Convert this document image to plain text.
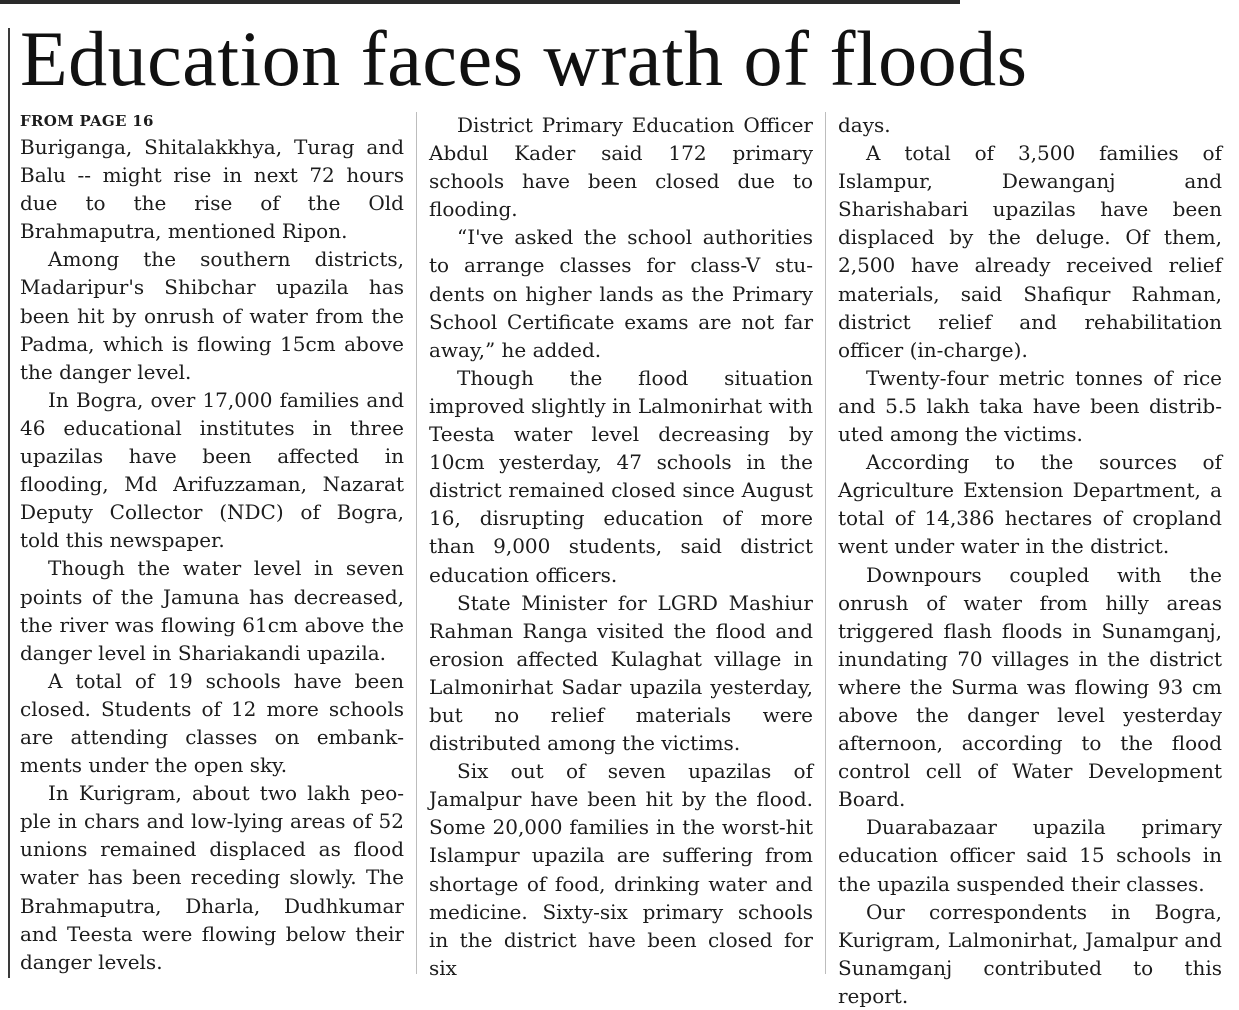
Education faces wrath of floods
FROM PAGE 16

Buriganga, Shitalakkhya, Turag and Balu -- might rise in next 72 hours due to the rise of the Old Brahmaputra, mentioned Ripon.

Among the southern districts, Madaripur's Shibchar upazila has been hit by onrush of water from the Padma, which is flowing 15cm above the danger level.

In Bogra, over 17,000 families and 46 educational institutes in three upazilas have been affected in flooding, Md Arifuzzaman, Nazarat Deputy Collector (NDC) of Bogra, told this newspaper.

Though the water level in seven points of the Jamuna has decreased, the river was flowing 61cm above the danger level in Shariakandi upazila.

A total of 19 schools have been closed. Students of 12 more schools are attending classes on embankments under the open sky.

In Kurigram, about two lakh people in chars and low-lying areas of 52 unions remained displaced as flood water has been receding slowly. The Brahmaputra, Dharla, Dudhkumar and Teesta were flowing below their danger levels.

District Primary Education Officer Abdul Kader said 172 primary schools have been closed due to flooding.

“I've asked the school authorities to arrange classes for class-V students on higher lands as the Primary School Certificate exams are not far away,” he added.

Though the flood situation improved slightly in Lalmonirhat with Teesta water level decreasing by 10cm yesterday, 47 schools in the district remained closed since August 16, disrupting education of more than 9,000 students, said district education officers.

State Minister for LGRD Mashiur Rahman Ranga visited the flood and erosion affected Kulaghat village in Lalmonirhat Sadar upazila yesterday, but no relief materials were distributed among the victims.

Six out of seven upazilas of Jamalpur have been hit by the flood. Some 20,000 families in the worst-hit Islampur upazila are suffering from shortage of food, drinking water and medicine. Sixty-six primary schools in the district have been closed for six

days.

A total of 3,500 families of Islampur, Dewanganj and Sharishabari upazilas have been displaced by the deluge. Of them, 2,500 have already received relief materials, said Shafiqur Rahman, district relief and rehabilitation officer (in-charge).

Twenty-four metric tonnes of rice and 5.5 lakh taka have been distributed among the victims.

According to the sources of Agriculture Extension Department, a total of 14,386 hectares of cropland went under water in the district.

Downpours coupled with the onrush of water from hilly areas triggered flash floods in Sunamganj, inundating 70 villages in the district where the Surma was flowing 93 cm above the danger level yesterday afternoon, according to the flood control cell of Water Development Board.

Duarabazaar upazila primary education officer said 15 schools in the upazila suspended their classes.

Our correspondents in Bogra, Kurigram, Lalmonirhat, Jamalpur and Sunamganj contributed to this report.
